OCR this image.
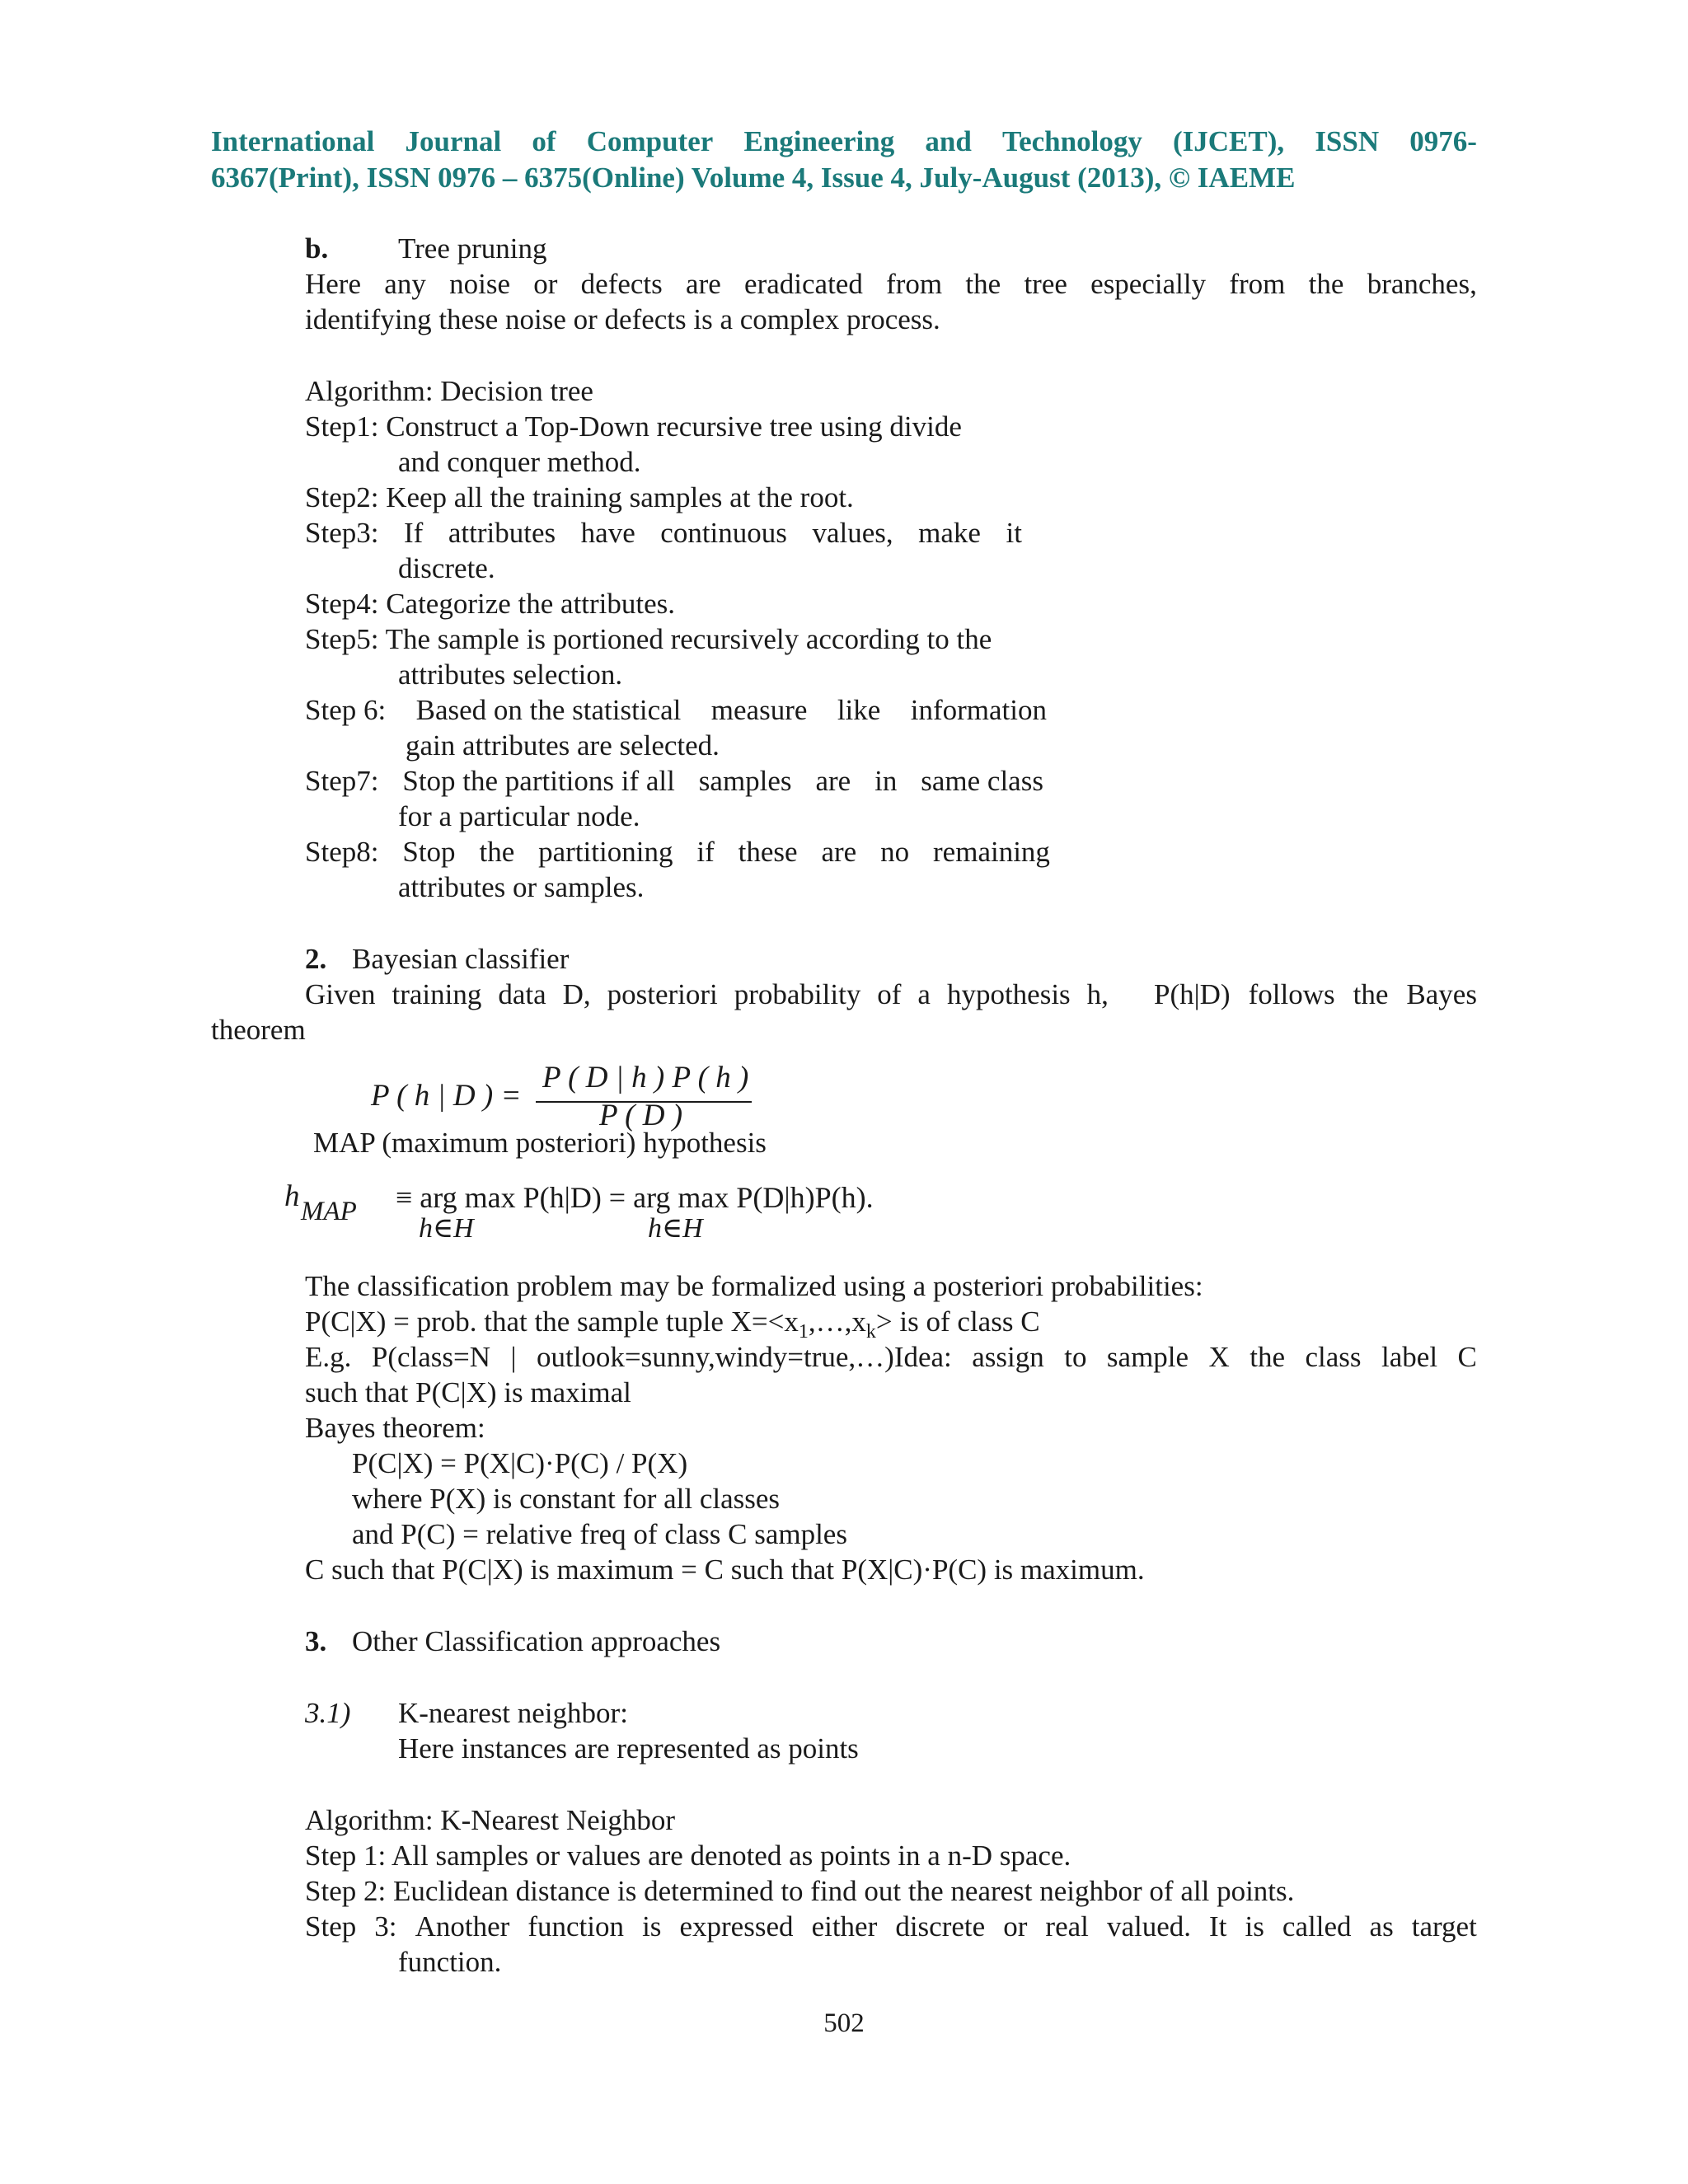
International Journal of Computer Engineering and Technology (IJCET), ISSN 0976-
6367(Print), ISSN 0976 – 6375(Online) Volume 4, Issue 4, July-August (2013), © IAEME
b. Tree pruning
Here any noise or defects are eradicated from the tree especially from the branches,
identifying these noise or defects is a complex process.
Algorithm: Decision tree
Step1: Construct a Top-Down recursive tree using divide
and conquer method.
Step2: Keep all the training samples at the root.
Step3: If attributes have continuous values, make it
discrete.
Step4: Categorize the attributes.
Step5: The sample is portioned recursively according to the
attributes selection.
Step 6: Based on the statistical measure like information
gain attributes are selected.
Step7: Stop the partitions if all samples are in same class
for a particular node.
Step8: Stop the partitioning if these are no remaining
attributes or samples.
2. Bayesian classifier
Given training data D, posteriori probability of a hypothesis h, P(h|D) follows the Bayes
theorem
P ( h | D ) =
P ( D | h ) P ( h )
P ( D )
MAP (maximum posteriori) hypothesis
h MAP ≡ arg max P(h|D) = arg max P(D|h)P(h).
h∈H	h∈H
The classification problem may be formalized using a posteriori probabilities:
P(C|X) = prob. that the sample tuple $X=<x_1,\dots,x_k>$ is of class C
E.g. P(class=N | outlook=sunny,windy=true,…)Idea: assign to sample X the class label C
such that P(C|X) is maximal
Bayes theorem:
P(C|X) = P(X|C)·P(C) / P(X)
where P(X) is constant for all classes
and P(C) = relative freq of class C samples
C such that P(C|X) is maximum = C such that P(X|C)·P(C) is maximum.
3. Other Classification approaches
3.1) K-nearest neighbor:
Here instances are represented as points
Algorithm: K-Nearest Neighbor
Step 1: All samples or values are denoted as points in a n-D space.
Step 2: Euclidean distance is determined to find out the nearest neighbor of all points.
Step 3: Another function is expressed either discrete or real valued. It is called as target
function.
502
